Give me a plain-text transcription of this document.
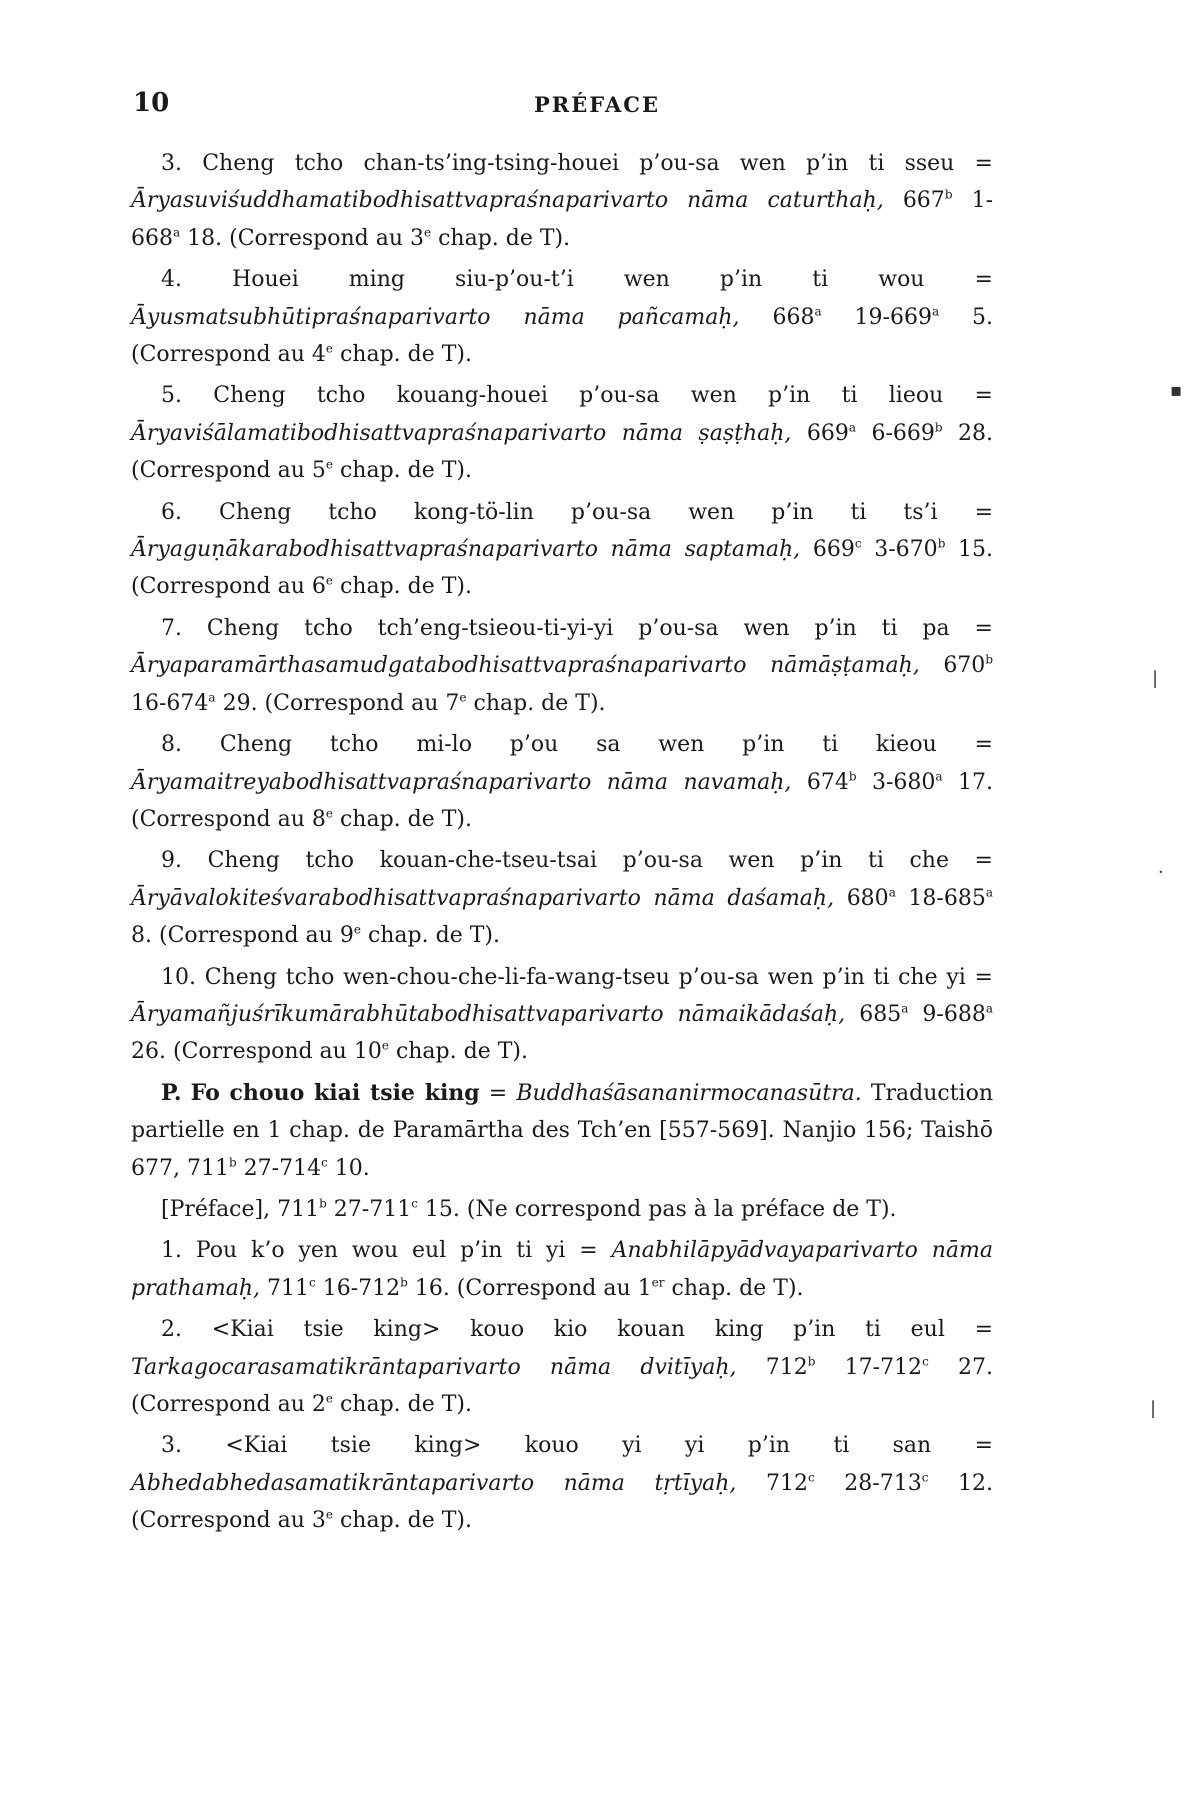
10	PRÉFACE

3. Cheng tcho chan-ts’ing-tsing-houei p’ou-sa wen p’in ti sseu = Āryasuviśuddhamatibodhisattvapraśnaparivarto nāma caturthaḥ, 667$^b$ 1-668$^a$ 18. (Correspond au 3e chap. de T).

4. Houei ming siu-p’ou-t’i wen p’in ti wou = Āyusmatsubhūtipraśnaparivarto nāma pañcamaḥ, 668$^a$ 19-669$^a$ 5. (Correspond au 4e chap. de T).

5. Cheng tcho kouang-houei p’ou-sa wen p’in ti lieou = Āryaviśālamatibodhisattvapraśnaparivarto nāma ṣaṣṭhaḥ, 669$^a$ 6-669$^b$ 28. (Correspond au 5e chap. de T).

6. Cheng tcho kong-tö-lin p’ou-sa wen p’in ti ts’i = Āryaguṇākarabodhisattvapraśnaparivarto nāma saptamaḥ, 669$^c$ 3-670$^b$ 15. (Correspond au 6e chap. de T).

7. Cheng tcho tch’eng-tsieou-ti-yi-yi p’ou-sa wen p’in ti pa = Āryaparamārthasamudgatabodhisattvapraśnaparivarto nāmāṣṭamaḥ, 670$^b$ 16-674$^a$ 29. (Correspond au 7e chap. de T).

8. Cheng tcho mi-lo p’ou sa wen p’in ti kieou = Āryamaitreyabodhisattvapraśnaparivarto nāma navamaḥ, 674$^b$ 3-680$^a$ 17. (Correspond au 8e chap. de T).

9. Cheng tcho kouan-che-tseu-tsai p’ou-sa wen p’in ti che = Āryāvalokiteśvarabodhisattvapraśnaparivarto nāma daśamaḥ, 680$^a$ 18-685$^a$ 8. (Correspond au 9e chap. de T).

10. Cheng tcho wen-chou-che-li-fa-wang-tseu p’ou-sa wen p’in ti che yi = Āryamañjuśrīkumārabhūtabodhisattvaparivarto nāmaikādaśaḥ, 685$^a$ 9-688$^a$ 26. (Correspond au 10e chap. de T).

P. Fo chouo kiai tsie king = Buddhaśāsananirmocanasūtra. Traduction partielle en 1 chap. de Paramārtha des Tch’en [557-569]. Nanjio 156; Taishō 677, 711$^b$ 27-714$^c$ 10.

[Préface], 711$^b$ 27-711$^c$ 15. (Ne correspond pas à la préface de T).

1. Pou k’o yen wou eul p’in ti yi = Anabhilāpyādvayaparivarto nāma prathamaḥ, 711$^c$ 16-712$^b$ 16. (Correspond au 1er chap. de T).

2. <Kiai tsie king> kouo kio kouan king p’in ti eul = Tarkagocarasamatikrāntaparivarto nāma dvitīyaḥ, 712$^b$ 17-712$^c$ 27. (Correspond au 2e chap. de T).

3. <Kiai tsie king> kouo yi yi p’in ti san = Abhedabhedasamatikrāntaparivarto nāma tṛtīyaḥ, 712$^c$ 28-713$^c$ 12. (Correspond au 3e chap. de T).

▪
|
·
|
